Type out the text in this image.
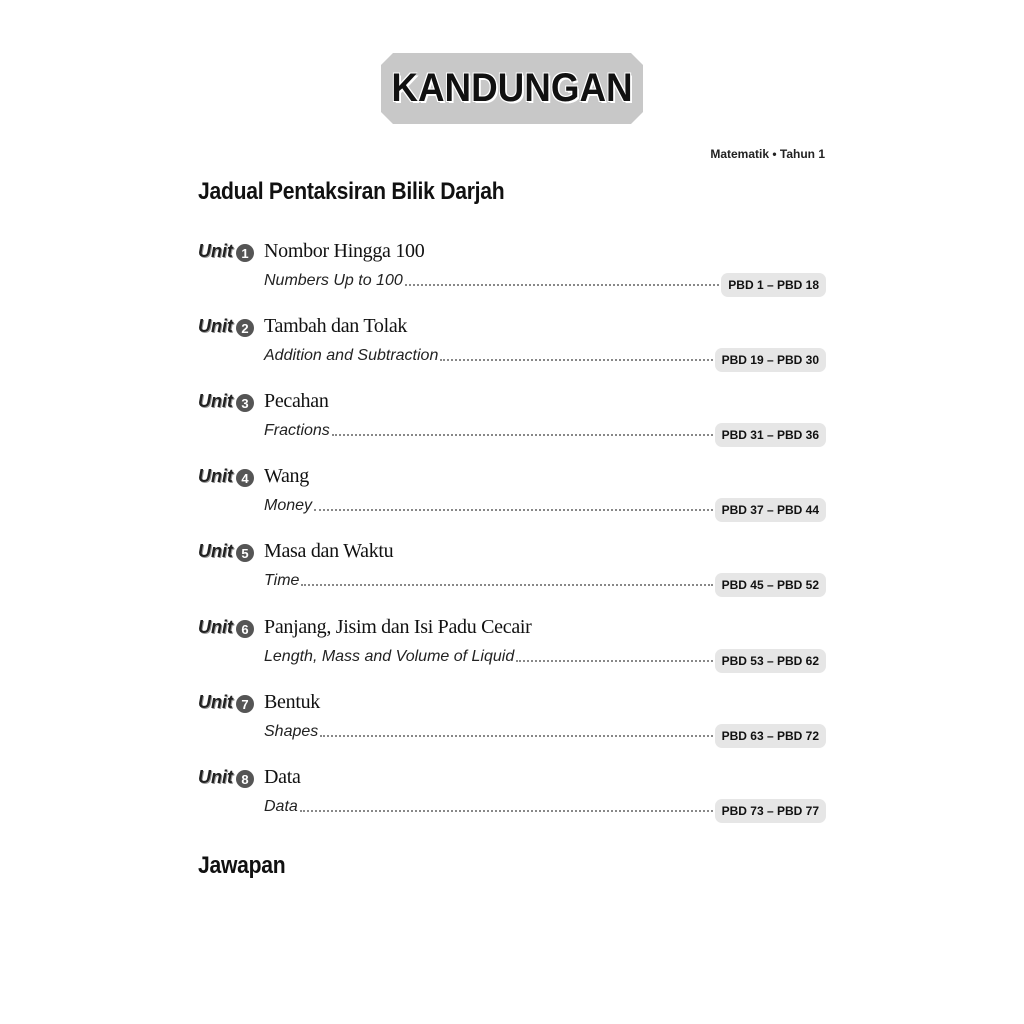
KANDUNGAN
Matematik • Tahun 1
Jadual Pentaksiran Bilik Darjah
Unit 1 Nombor Hingga 100
Numbers Up to 100	PBD 1 – PBD 18
Unit 2 Tambah dan Tolak
Addition and Subtraction	PBD 19 – PBD 30
Unit 3 Pecahan
Fractions	PBD 31 – PBD 36
Unit 4 Wang
Money	PBD 37 – PBD 44
Unit 5 Masa dan Waktu
Time	PBD 45 – PBD 52
Unit 6 Panjang, Jisim dan Isi Padu Cecair
Length, Mass and Volume of Liquid	PBD 53 – PBD 62
Unit 7 Bentuk
Shapes	PBD 63 – PBD 72
Unit 8 Data
Data	PBD 73 – PBD 77
Jawapan
